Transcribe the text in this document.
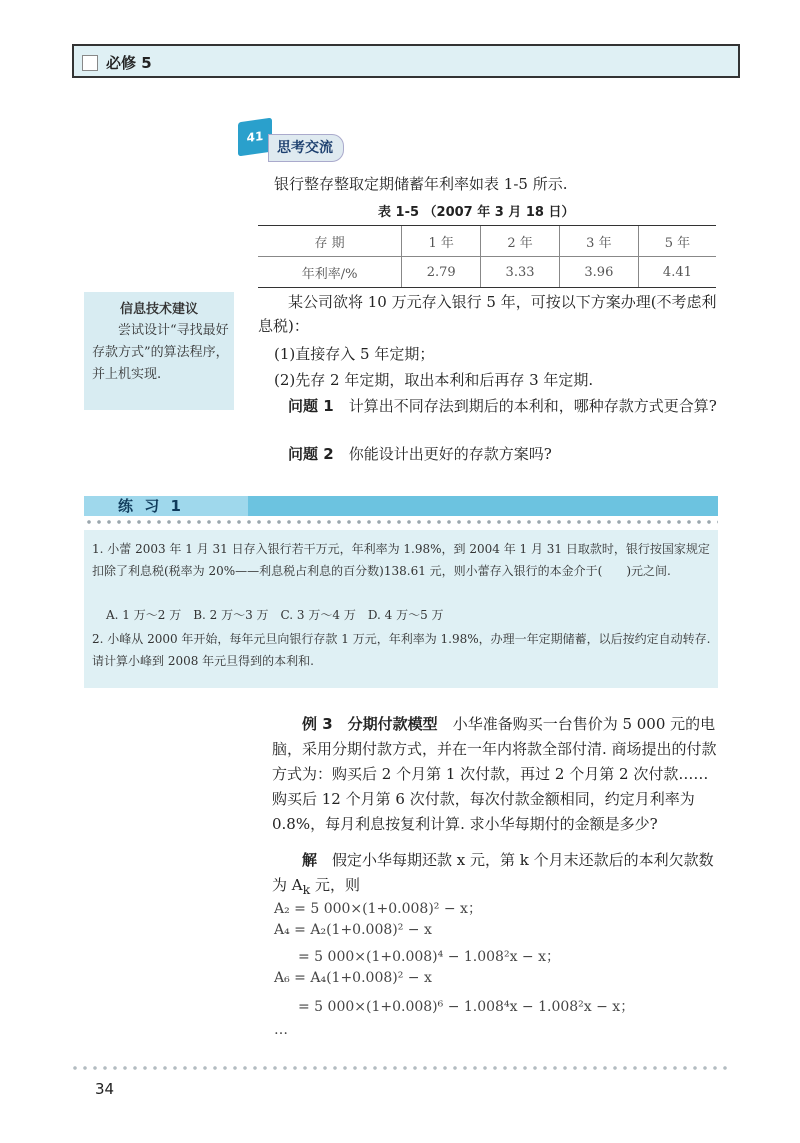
必修 5
41
思考交流
银行整存整取定期储蓄年利率如表 1-5 所示.
表 1-5 （2007 年 3 月 18 日）
存 期	1 年	2 年	3 年	5 年
年利率/%	2.79	3.33	3.96	4.41
信息技术建议
尝试设计“寻找最好存款方式”的算法程序，并上机实现.
某公司欲将 10 万元存入银行 5 年，可按以下方案办理(不考虑利息税)：
(1)直接存入 5 年定期；
(2)先存 2 年定期，取出本利和后再存 3 年定期.
问题 1　 计算出不同存法到期后的本利和，哪种存款方式更合算?
问题 2　 你能设计出更好的存款方案吗?
练 习 1
1. 小蕾 2003 年 1 月 31 日存入银行若干万元，年利率为 1.98%，到 2004 年 1 月 31 日取款时，银行按国家规定扣除了利息税(税率为 20%——利息税占利息的百分数)138.61 元，则小蕾存入银行的本金介于(　　)元之间.
A. 1 万～2 万　B. 2 万～3 万　C. 3 万～4 万　D. 4 万～5 万
2. 小峰从 2000 年开始，每年元旦向银行存款 1 万元，年利率为 1.98%，办理一年定期储蓄，以后按约定自动转存. 请计算小峰到 2008 年元旦得到的本利和.
例 3　分期付款模型　 小华准备购买一台售价为 5 000 元的电脑，采用分期付款方式，并在一年内将款全部付清. 商场提出的付款方式为：购买后 2 个月第 1 次付款，再过 2 个月第 2 次付款……购买后 12 个月第 6 次付款，每次付款金额相同，约定月利率为 0.8%，每月利息按复利计算. 求小华每期付的金额是多少?
解　 假定小华每期还款 x 元，第 k 个月末还款后的本利欠款数为 $A_k$ 元，则
A₂ = 5 000×(1+0.008)² − x；
A₄ = A₂(1+0.008)² − x
= 5 000×(1+0.008)⁴ − 1.008²x − x；
A₆ = A₄(1+0.008)² − x
= 5 000×(1+0.008)⁶ − 1.008⁴x − 1.008²x − x；
…
34
